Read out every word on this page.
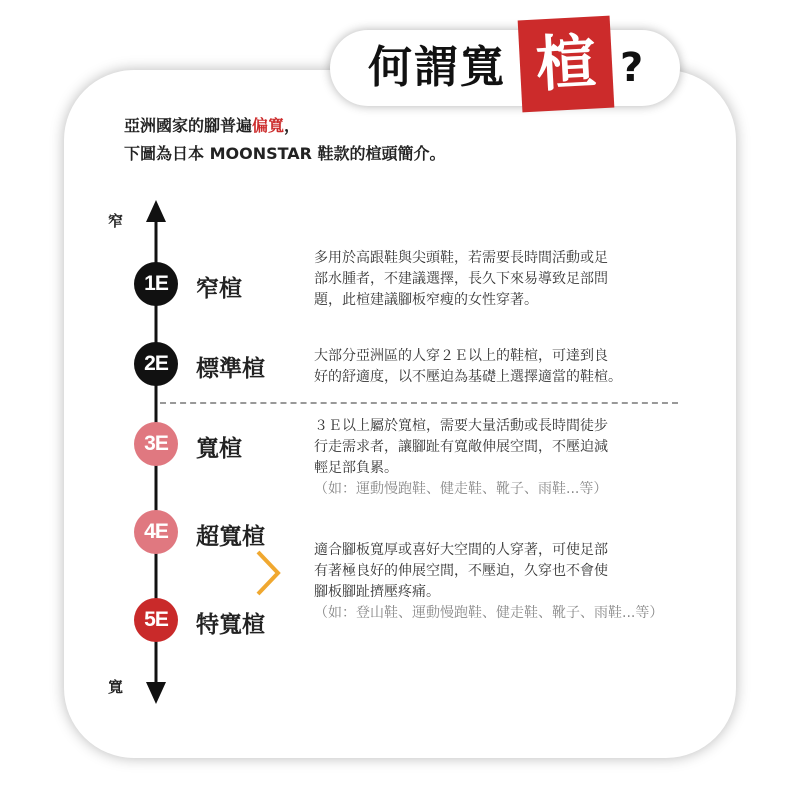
何謂寬 楦 ?
亞洲國家的腳普遍偏寬，
下圖為日本 MOONSTAR 鞋款的楦頭簡介。
窄
寬
1E	窄楦
2E	標準楦
3E	寬楦
4E	超寬楦
5E	特寬楦
多用於高跟鞋與尖頭鞋，若需要長時間活動或足
部水腫者，不建議選擇，長久下來易導致足部問
題，此楦建議腳板窄瘦的女性穿著。
大部分亞洲區的人穿２Ｅ以上的鞋楦，可達到良
好的舒適度，以不壓迫為基礎上選擇適當的鞋楦。
３Ｅ以上屬於寬楦，需要大量活動或長時間徒步
行走需求者，讓腳趾有寬敞伸展空間，不壓迫減
輕足部負累。
（如：運動慢跑鞋、健走鞋、靴子、雨鞋...等）
適合腳板寬厚或喜好大空間的人穿著，可使足部
有著極良好的伸展空間，不壓迫，久穿也不會使
腳板腳趾擠壓疼痛。
（如：登山鞋、運動慢跑鞋、健走鞋、靴子、雨鞋...等）
